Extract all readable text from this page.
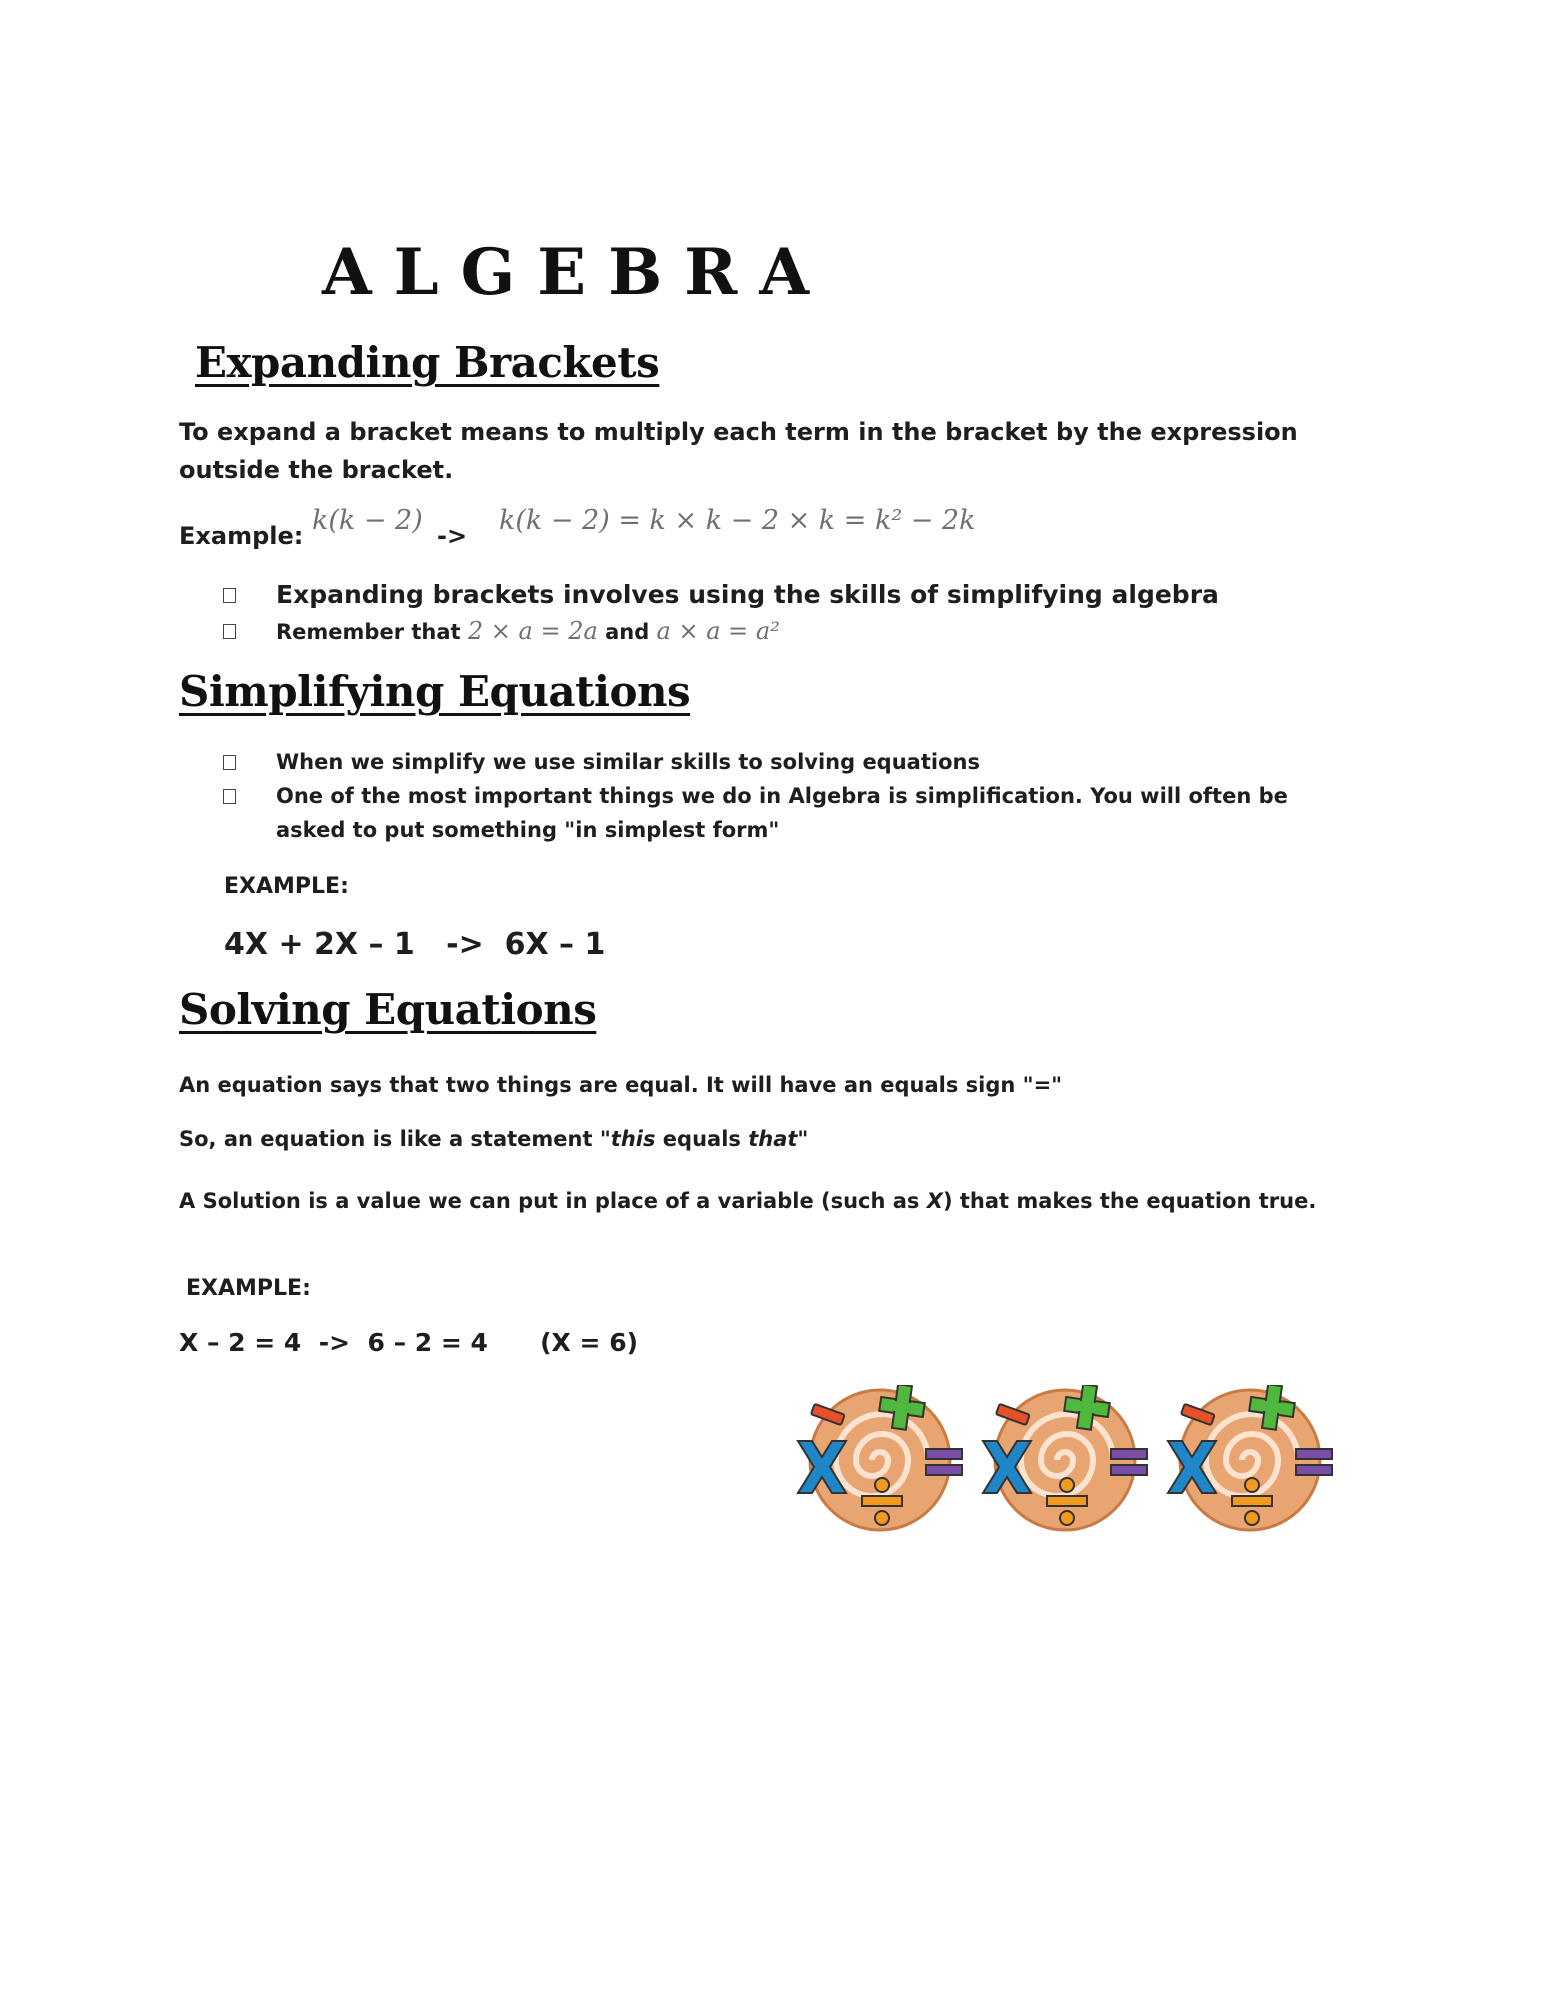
ALGEBRA
Expanding Brackets
To expand a bracket means to multiply each term in the bracket by the expression outside the bracket.
Example: k(k − 2) -> k(k − 2) = k × k − 2 × k = k² − 2k
Expanding brackets involves using the skills of simplifying algebra
Remember that 2 × a = 2a and a × a = a²
Simplifying Equations
When we simplify we use similar skills to solving equations
One of the most important things we do in Algebra is simplification. You will often be asked to put something "in simplest form"
EXAMPLE:
4X + 2X – 1   ->  6X – 1
Solving Equations
An equation says that two things are equal. It will have an equals sign "="
So, an equation is like a statement "this equals that"
A Solution is a value we can put in place of a variable (such as X) that makes the equation true.
EXAMPLE:
X – 2 = 4  ->  6 – 2 = 4      (X = 6)
